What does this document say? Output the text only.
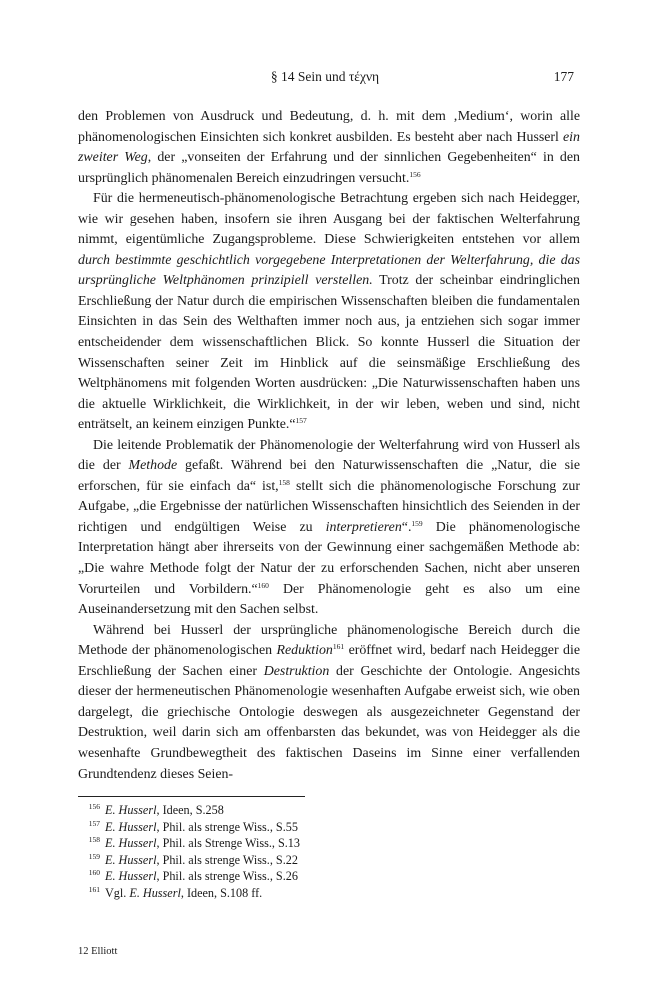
§ 14 Sein und τέχνη	177

den Problemen von Ausdruck und Bedeutung, d. h. mit dem ‚Medium‘, worin alle phänomenologischen Einsichten sich konkret ausbilden. Es besteht aber nach Husserl ein zweiter Weg, der „vonseiten der Erfahrung und der sinnlichen Gegebenheiten“ in den ursprünglich phänomenalen Bereich einzudringen versucht.$^{156}$

Für die hermeneutisch-phänomenologische Betrachtung ergeben sich nach Heidegger, wie wir gesehen haben, insofern sie ihren Ausgang bei der faktischen Welterfahrung nimmt, eigentümliche Zugangsprobleme. Diese Schwierigkeiten entstehen vor allem durch bestimmte geschichtlich vorgegebene Interpretationen der Welterfahrung, die das ursprüngliche Weltphänomen prinzipiell verstellen. Trotz der scheinbar eindringlichen Erschließung der Natur durch die empirischen Wissenschaften bleiben die fundamentalen Einsichten in das Sein des Welthaften immer noch aus, ja entziehen sich sogar immer entscheidender dem wissenschaftlichen Blick. So konnte Husserl die Situation der Wissenschaften seiner Zeit im Hinblick auf die seinsmäßige Erschließung des Weltphänomens mit folgenden Worten ausdrücken: „Die Naturwissenschaften haben uns die aktuelle Wirklichkeit, die Wirklichkeit, in der wir leben, weben und sind, nicht enträtselt, an keinem einzigen Punkte.“$^{157}$

Die leitende Problematik der Phänomenologie der Welterfahrung wird von Husserl als die der Methode gefaßt. Während bei den Naturwissenschaften die „Natur, die sie erforschen, für sie einfach da“ ist,$^{158}$ stellt sich die phänomenologische Forschung zur Aufgabe, „die Ergebnisse der natürlichen Wissenschaften hinsichtlich des Seienden in der richtigen und endgültigen Weise zu interpretieren“.$^{159}$ Die phänomenologische Interpretation hängt aber ihrerseits von der Gewinnung einer sachgemäßen Methode ab: „Die wahre Methode folgt der Natur der zu erforschenden Sachen, nicht aber unseren Vorurteilen und Vorbildern.“$^{160}$ Der Phänomenologie geht es also um eine Auseinandersetzung mit den Sachen selbst.

Während bei Husserl der ursprüngliche phänomenologische Bereich durch die Methode der phänomenologischen Reduktion$^{161}$ eröffnet wird, bedarf nach Heidegger die Erschließung der Sachen einer Destruktion der Geschichte der Ontologie. Angesichts dieser der hermeneutischen Phänomenologie wesenhaften Aufgabe erweist sich, wie oben dargelegt, die griechische Ontologie deswegen als ausgezeichneter Gegenstand der Destruktion, weil darin sich am offenbarsten das bekundet, was von Heidegger als die wesenhafte Grundbewegtheit des faktischen Daseins im Sinne einer verfallenden Grundtendenz dieses Seien-

156 E. Husserl, Ideen, S.258
157 E. Husserl, Phil. als strenge Wiss., S.55
158 E. Husserl, Phil. als Strenge Wiss., S.13
159 E. Husserl, Phil. als strenge Wiss., S.22
160 E. Husserl, Phil. als strenge Wiss., S.26
161 Vgl. E. Husserl, Ideen, S.108 ff.
12 Elliott
